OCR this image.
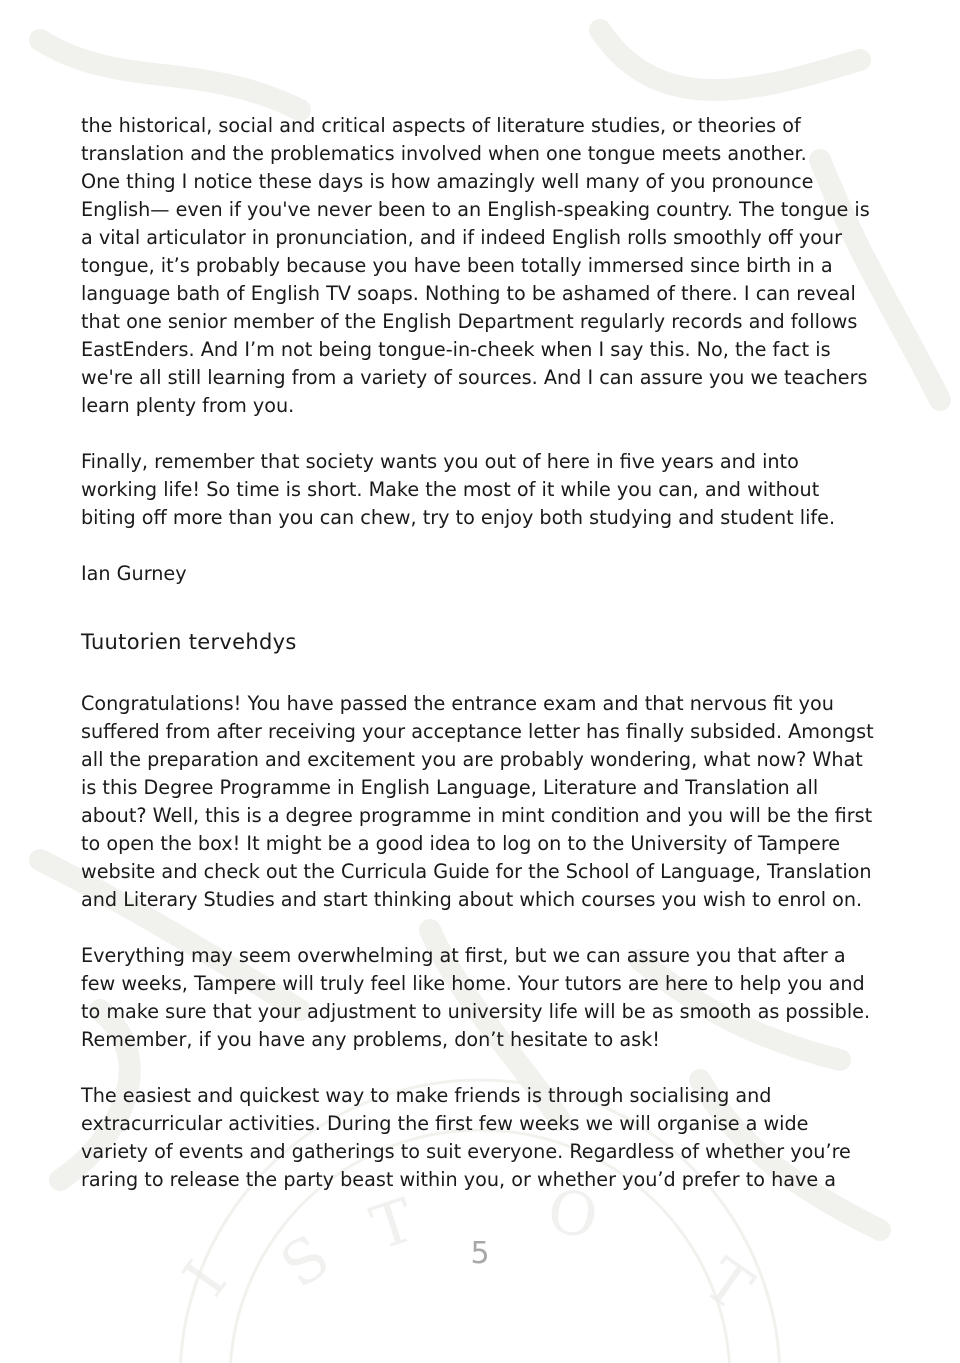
I S T O
T

the historical, social and critical aspects of literature studies, or theories of
translation and the problematics involved when one tongue meets another.
One thing I notice these days is how amazingly well many of you pronounce
English— even if you've never been to an English-speaking country. The tongue is
a vital articulator in pronunciation, and if indeed English rolls smoothly off your
tongue, it’s probably because you have been totally immersed since birth in a
language bath of English TV soaps. Nothing to be ashamed of there. I can reveal
that one senior member of the English Department regularly records and follows
EastEnders. And I’m not being tongue-in-cheek when I say this. No, the fact is
we're all still learning from a variety of sources. And I can assure you we teachers
learn plenty from you.

Finally, remember that society wants you out of here in five years and into
working life! So time is short. Make the most of it while you can, and without
biting off more than you can chew, try to enjoy both studying and student life.

Ian Gurney

Tuutorien tervehdys

Congratulations! You have passed the entrance exam and that nervous fit you
suffered from after receiving your acceptance letter has finally subsided. Amongst
all the preparation and excitement you are probably wondering, what now? What
is this Degree Programme in English Language, Literature and Translation all
about? Well, this is a degree programme in mint condition and you will be the first
to open the box! It might be a good idea to log on to the University of Tampere
website and check out the Curricula Guide for the School of Language, Translation
and Literary Studies and start thinking about which courses you wish to enrol on.

Everything may seem overwhelming at first, but we can assure you that after a
few weeks, Tampere will truly feel like home. Your tutors are here to help you and
to make sure that your adjustment to university life will be as smooth as possible.
Remember, if you have any problems, don’t hesitate to ask!

The easiest and quickest way to make friends is through socialising and
extracurricular activities. During the first few weeks we will organise a wide
variety of events and gatherings to suit everyone. Regardless of whether you’re
raring to release the party beast within you, or whether you’d prefer to have a

5
